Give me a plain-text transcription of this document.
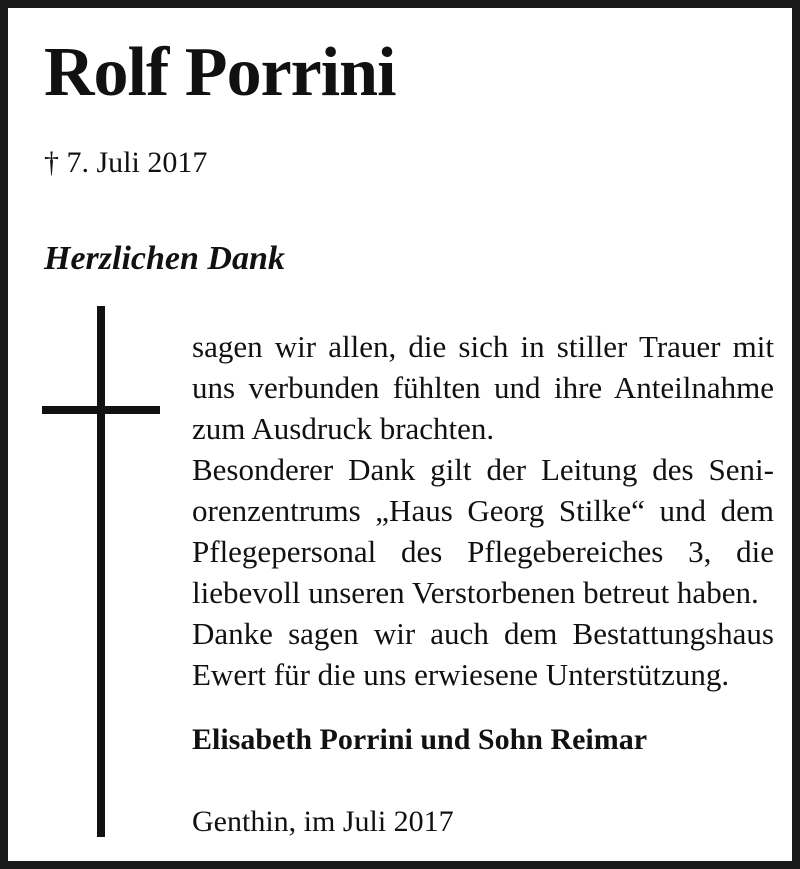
Rolf Porrini
† 7. Juli 2017
Herzlichen Dank

sagen wir allen, die sich in stiller Trauer mit uns verbunden fühlten und ihre Anteilnahme zum Ausdruck brachten.

Besonderer Dank gilt der Leitung des Seniorenzentrums „Haus Georg Stilke“ und dem Pflegepersonal des Pflegebereiches 3, die liebevoll unseren Verstorbenen betreut haben.

Danke sagen wir auch dem Bestattungshaus Ewert für die uns erwiesene Unterstützung.

Elisabeth Porrini und Sohn Reimar
Genthin, im Juli 2017
